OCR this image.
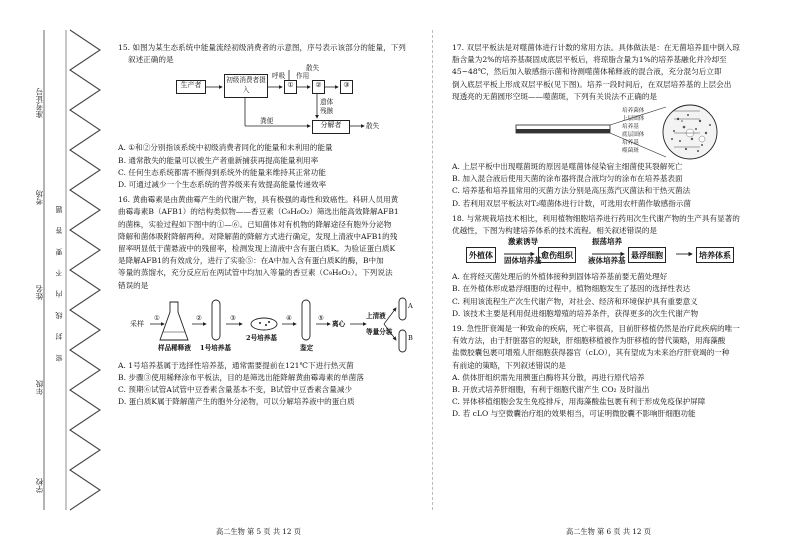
准考证号
考场
姓名
年级
学校
密 封 线 内 不 要 答 题

15. 如图为某生态系统中能量流经初级消费者的示意图，序号表示该部分的能量，下列

叙述正确的是

生产者
初级消费者摄入
①	②	③
分解者
散失
呼吸 作用
遗体
残骸
粪便
散失

A. ①和②分别指该系统中初级消费者同化的能量和未利用的能量

B. 通常散失的能量可以被生产者重新捕获再提高能量利用率

C. 任何生态系统都需不断得到系统外的能量来维持其正常功能

D. 可通过减少一个生态系统的营养级来有效提高能量传递效率

16. 黄曲霉素是由黄曲霉产生的代谢产物，具有极强的毒性和致癌性。科研人员用黄

曲霉毒素B（AFB1）的结构类似物——香豆素（C₉H₆O₂）筛选出能高效降解AFB1

的菌株，实验过程如下图中的①—⑥。已知菌体对有机物的降解途径有胞外分泌物

降解和菌体吸附降解两种。对降解菌的降解方式进行确定，发现上清液中AFB1的残

留率明显低于菌悬液中的残留率，检测发现上清液中含有蛋白质K。为验证蛋白质K

是降解AFB1的有效成分，进行了实验⑤：在A中加入含有蛋白质K的酶，B中加

等量的蒸馏水，充分反应后在两试管中均加入等量的香豆素（C₉H₆O₂）。下列说法

错误的是

采样
①	②	③	④	⑤
样品稀释液 1号培养基
2号培养基
鉴定
离心
上清液
等量分装
A
B

A. 1号培养基属于选择性培养基，通常需要提前在121℃下进行热灭菌

B. 步骤③使用稀释涂布平板法，目的是筛选出能降解黄曲霉毒素的单菌落

C. 预期⑥试管A试管中豆香素含量基本不变，B试管中豆香素含量减少

D. 蛋白质K属于降解菌产生的胞外分泌物，可以分解培养液中的蛋白质

17. 双层平板法是对噬菌体进行计数的常用方法。具体做法是：在无菌培养皿中倒入琼

脂含量为2%的培养基凝固成底层平板后，将琼脂含量为1%的培养基融化并冷却至

45~48℃，然后加入敏感指示菌和待测噬菌体稀释液的混合液，充分混匀后立即

倒入底层平板上形成双层平板(见下图)。培养一段时间后，在双层培养基的上层会出

现透亮的无菌圆形空斑——噬菌斑，下列有关说法不正确的是

培养菌体
上层固体
培养基
底层固体
培养基
噬菌斑

A. 上层平板中出现噬菌斑的原因是噬菌体侵染宿主细菌使其裂解死亡

B. 加入混合液后使用天菌的涂布器将混合液均匀的涂布在培养基表面

C. 培养基和培养皿常用的灭菌方法分别是高压蒸汽灭菌法和干热灭菌法

D. 若利用双层平板法对T₂噬菌体进行计数，可选用农杆菌作敏感指示菌

18. 与常规栽培技术相比，利用植物细胞培养进行药用次生代谢产物的生产具有显著的

优越性，下图为构建培养体系的技术流程。相关叙述错误的是

外植体
激素诱导
固体培养基
愈伤组织
振荡培养
液体培养基
悬浮细胞	培养体系

A. 在将经灭菌处理后的外植体接种到固体培养基前要无菌处理好

B. 在外植体形成悬浮细胞的过程中，植物细胞发生了基因的选择性表达

C. 利用该流程生产次生代谢产物，对社会、经济和环境保护具有重要意义

D. 该技术主要是利用促进细胞增殖的培养条件，获得更多的次生代谢产物

19. 急性肝衰竭是一种致命的疾病，死亡率很高，目前肝移植仍然是治疗此疾病的唯一

有效方法，由于肝脏器官的短缺，肝细胞移植被作为肝移植的替代策略，用海藻酸

盐微胶囊包裹可增殖人肝细胞获得器官（cLO），其有望成为未来治疗肝衰竭的一种

有前途的策略，下列叙述错误的是

A. 供体肝组织需先用胰蛋白酶将其分散，再进行原代培养

B. 开放式培养肝细胞，有利于细胞代谢产生 CO₂ 及时溢出

C. 异体移植细胞会发生免疫排斥，用海藻酸盐包裹有利于形成免疫保护屏障

D. 若 cLO 与空微囊治疗组的效果相当，可证明微胶囊不影响肝细胞功能

高二生物 第 5 页 共 12 页	高二生物 第 6 页 共 12 页
